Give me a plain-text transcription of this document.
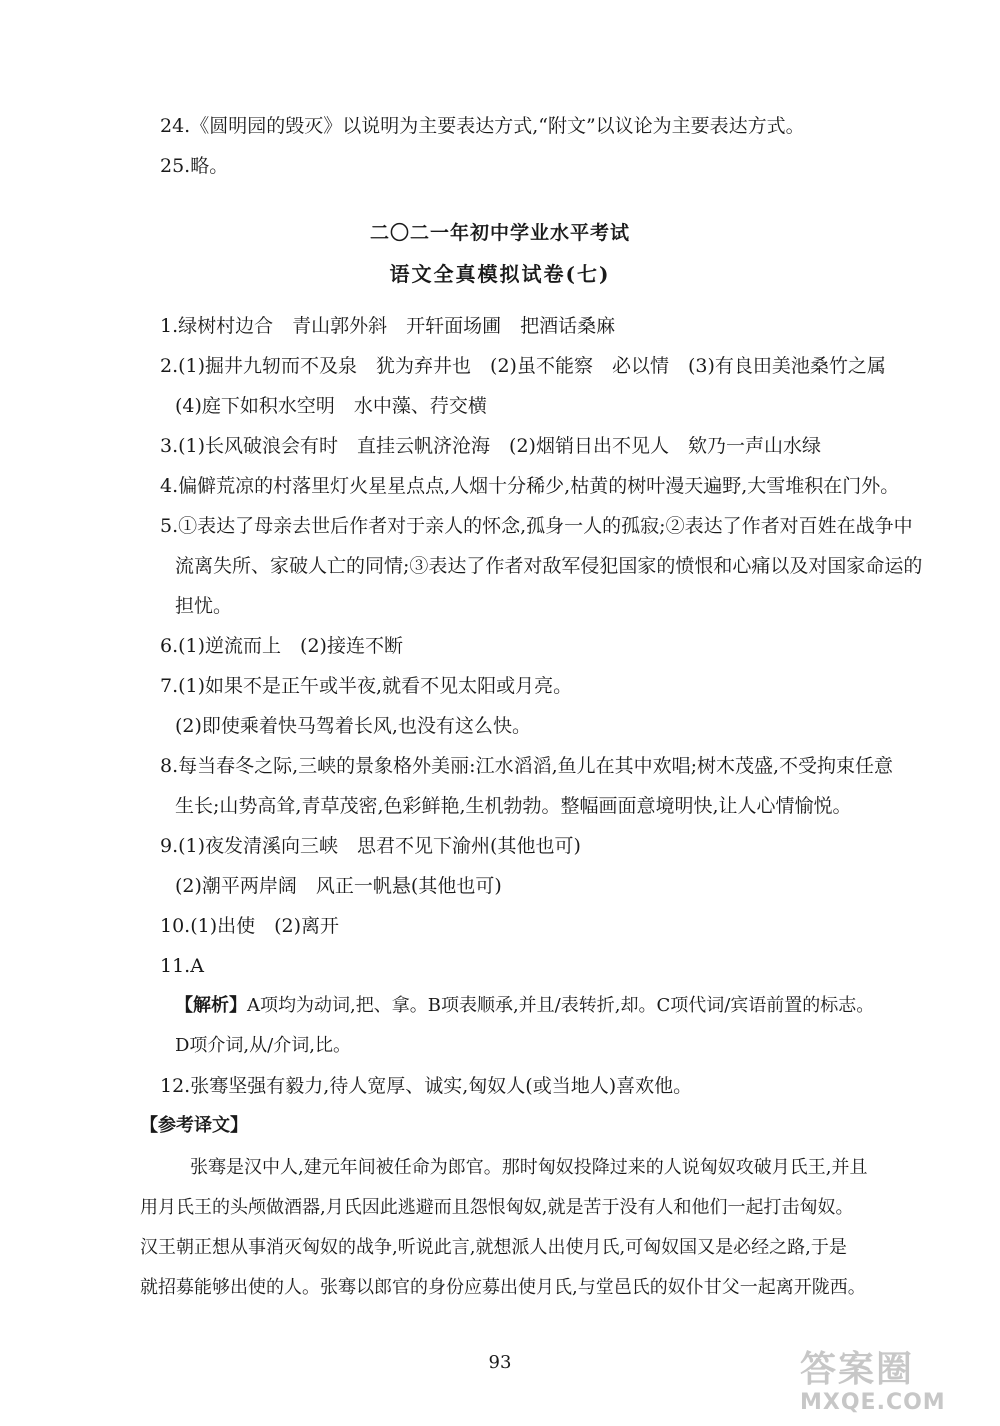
24.《圆明园的毁灭》以说明为主要表达方式,“附文”以议论为主要表达方式。
25.略。
二〇二一年初中学业水平考试
语文全真模拟试卷(七)
1.绿树村边合　青山郭外斜　开轩面场圃　把酒话桑麻
2.(1)掘井九轫而不及泉　犹为弃井也　(2)虽不能察　必以情　(3)有良田美池桑竹之属
(4)庭下如积水空明　水中藻、荇交横
3.(1)长风破浪会有时　直挂云帆济沧海　(2)烟销日出不见人　欸乃一声山水绿
4.偏僻荒凉的村落里灯火星星点点,人烟十分稀少,枯黄的树叶漫天遍野,大雪堆积在门外。
5.①表达了母亲去世后作者对于亲人的怀念,孤身一人的孤寂;②表达了作者对百姓在战争中
流离失所、家破人亡的同情;③表达了作者对敌军侵犯国家的愤恨和心痛以及对国家命运的
担忧。
6.(1)逆流而上　(2)接连不断
7.(1)如果不是正午或半夜,就看不见太阳或月亮。
(2)即使乘着快马驾着长风,也没有这么快。
8.每当春冬之际,三峡的景象格外美丽:江水滔滔,鱼儿在其中欢唱;树木茂盛,不受拘束任意
生长;山势高耸,青草茂密,色彩鲜艳,生机勃勃。整幅画面意境明快,让人心情愉悦。
9.(1)夜发清溪向三峡　思君不见下渝州(其他也可)
(2)潮平两岸阔　风正一帆悬(其他也可)
10.(1)出使　(2)离开
11.A
【解析】A项均为动词,把、拿。B项表顺承,并且/表转折,却。C项代词/宾语前置的标志。
D项介词,从/介词,比。
12.张骞坚强有毅力,待人宽厚、诚实,匈奴人(或当地人)喜欢他。
【参考译文】
张骞是汉中人,建元年间被任命为郎官。那时匈奴投降过来的人说匈奴攻破月氏王,并且
用月氏王的头颅做酒器,月氏因此逃避而且怨恨匈奴,就是苦于没有人和他们一起打击匈奴。
汉王朝正想从事消灭匈奴的战争,听说此言,就想派人出使月氏,可匈奴国又是必经之路,于是
就招募能够出使的人。张骞以郎官的身份应募出使月氏,与堂邑氏的奴仆甘父一起离开陇西。
93	答案圈
MXQE.COM
